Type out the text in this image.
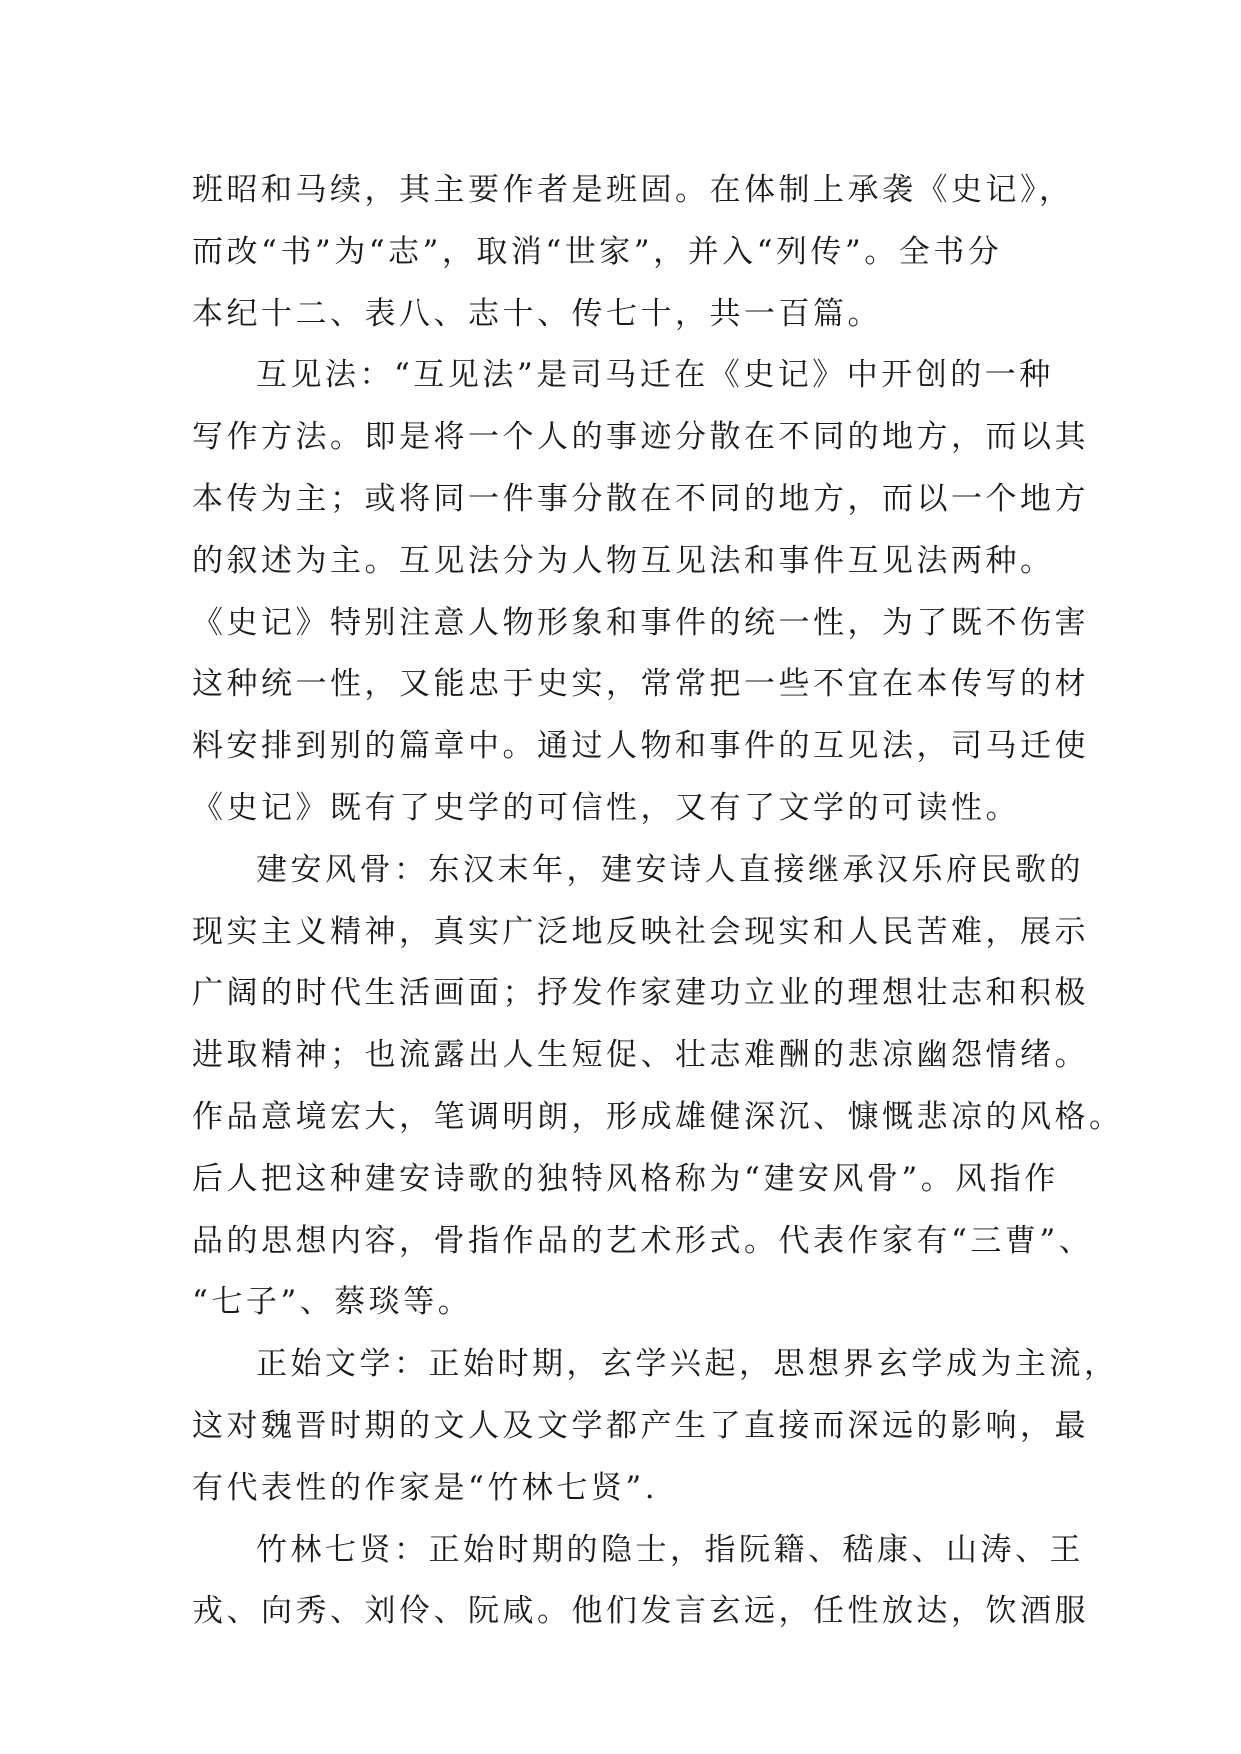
班昭和马续，其主要作者是班固。在体制上承袭《史记》，
而改“书”为“志”，取消“世家”，并入“列传”。全书分
本纪十二、表八、志十、传七十，共一百篇。
互见法：“互见法”是司马迁在《史记》中开创的一种
写作方法。即是将一个人的事迹分散在不同的地方，而以其
本传为主；或将同一件事分散在不同的地方，而以一个地方
的叙述为主。互见法分为人物互见法和事件互见法两种。
《史记》特别注意人物形象和事件的统一性，为了既不伤害
这种统一性，又能忠于史实，常常把一些不宜在本传写的材
料安排到别的篇章中。通过人物和事件的互见法，司马迁使
《史记》既有了史学的可信性，又有了文学的可读性。
建安风骨：东汉末年，建安诗人直接继承汉乐府民歌的
现实主义精神，真实广泛地反映社会现实和人民苦难，展示
广阔的时代生活画面；抒发作家建功立业的理想壮志和积极
进取精神；也流露出人生短促、壮志难酬的悲凉幽怨情绪。
作品意境宏大，笔调明朗，形成雄健深沉、慷慨悲凉的风格。
后人把这种建安诗歌的独特风格称为“建安风骨”。风指作
品的思想内容，骨指作品的艺术形式。代表作家有“三曹”、
“七子”、蔡琰等。
正始文学：正始时期，玄学兴起，思想界玄学成为主流，
这对魏晋时期的文人及文学都产生了直接而深远的影响，最
有代表性的作家是“竹林七贤”.
竹林七贤：正始时期的隐士，指阮籍、嵇康、山涛、王
戎、向秀、刘伶、阮咸。他们发言玄远，任性放达，饮酒服
